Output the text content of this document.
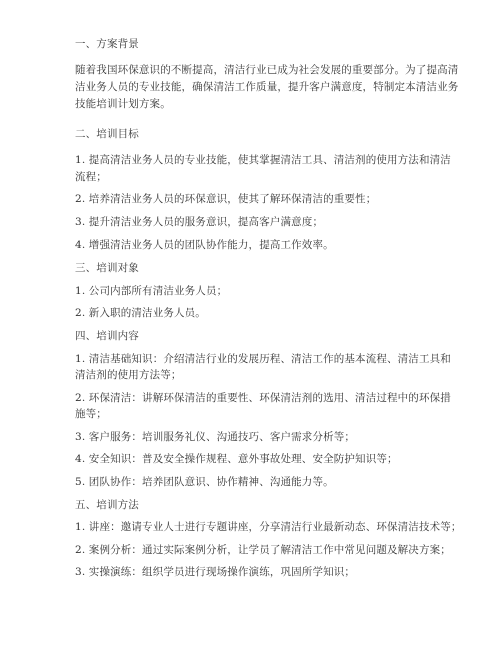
一、方案背景
随着我国环保意识的不断提高，清洁行业已成为社会发展的重要部分。为了提高清
洁业务人员的专业技能，确保清洁工作质量，提升客户满意度，特制定本清洁业务
技能培训计划方案。
二、培训目标
1. 提高清洁业务人员的专业技能，使其掌握清洁工具、清洁剂的使用方法和清洁
流程；
2. 培养清洁业务人员的环保意识，使其了解环保清洁的重要性；
3. 提升清洁业务人员的服务意识，提高客户满意度；
4. 增强清洁业务人员的团队协作能力，提高工作效率。
三、培训对象
1. 公司内部所有清洁业务人员；
2. 新入职的清洁业务人员。
四、培训内容
1. 清洁基础知识：介绍清洁行业的发展历程、清洁工作的基本流程、清洁工具和
清洁剂的使用方法等；
2. 环保清洁：讲解环保清洁的重要性、环保清洁剂的选用、清洁过程中的环保措
施等；
3. 客户服务：培训服务礼仪、沟通技巧、客户需求分析等；
4. 安全知识：普及安全操作规程、意外事故处理、安全防护知识等；
5. 团队协作：培养团队意识、协作精神、沟通能力等。
五、培训方法
1. 讲座：邀请专业人士进行专题讲座，分享清洁行业最新动态、环保清洁技术等；
2. 案例分析：通过实际案例分析，让学员了解清洁工作中常见问题及解决方案；
3. 实操演练：组织学员进行现场操作演练，巩固所学知识；
